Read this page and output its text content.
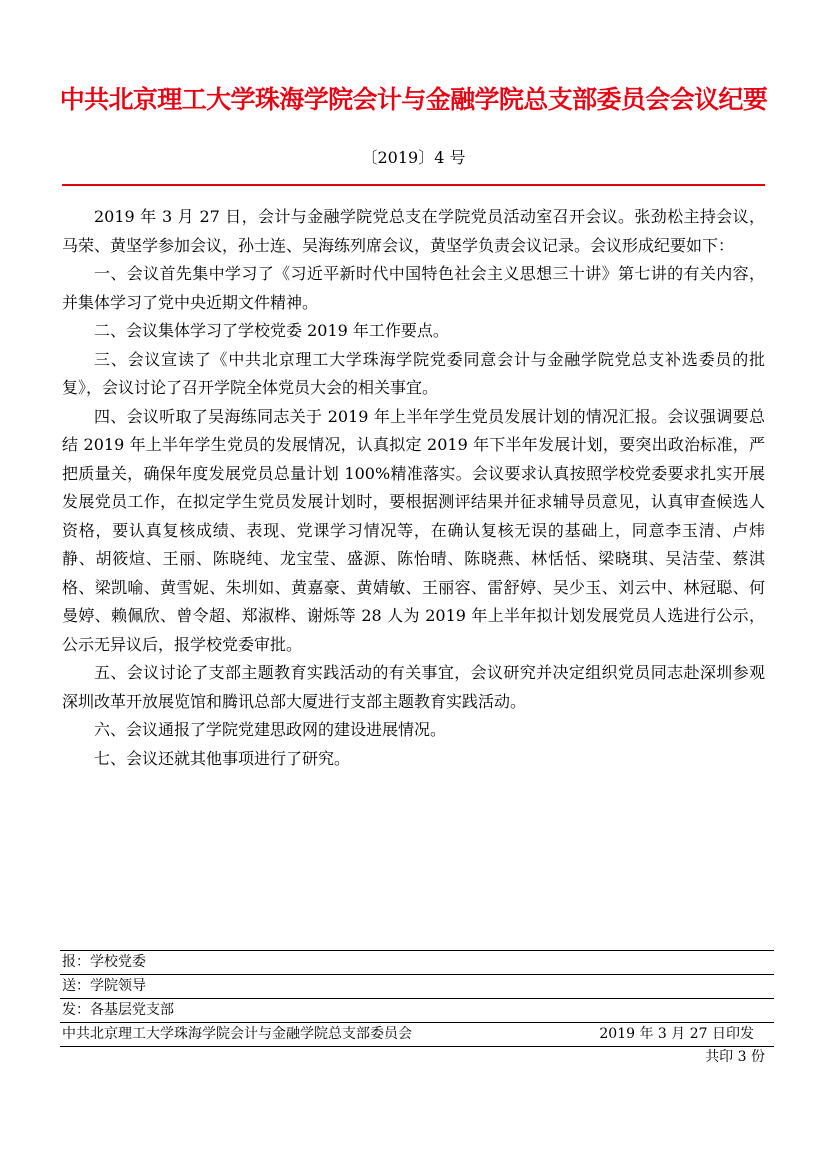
中共北京理工大学珠海学院会计与金融学院总支部委员会会议纪要
〔2019〕4 号

2019 年 3 月 27 日，会计与金融学院党总支在学院党员活动室召开会议。张劲松主持会议，马荣、黄坚学参加会议，孙士连、吴海练列席会议，黄坚学负责会议记录。会议形成纪要如下：

一、会议首先集中学习了《习近平新时代中国特色社会主义思想三十讲》第七讲的有关内容，并集体学习了党中央近期文件精神。

二、会议集体学习了学校党委 2019 年工作要点。

三、会议宣读了《中共北京理工大学珠海学院党委同意会计与金融学院党总支补选委员的批复》，会议讨论了召开学院全体党员大会的相关事宜。

四、会议听取了吴海练同志关于 2019 年上半年学生党员发展计划的情况汇报。会议强调要总结 2019 年上半年学生党员的发展情况，认真拟定 2019 年下半年发展计划，要突出政治标准，严把质量关，确保年度发展党员总量计划 100%精准落实。会议要求认真按照学校党委要求扎实开展发展党员工作，在拟定学生党员发展计划时，要根据测评结果并征求辅导员意见，认真审查候选人资格，要认真复核成绩、表现、党课学习情况等，在确认复核无误的基础上，同意李玉清、卢炜静、胡筱煊、王丽、陈晓纯、龙宝莹、盛源、陈怡晴、陈晓燕、林恬恬、梁晓琪、吴洁莹、蔡淇格、梁凯喻、黄雪妮、朱圳如、黄嘉豪、黄婧敏、王丽容、雷舒婷、吴少玉、刘云中、林冠聪、何曼婷、赖佩欣、曾令超、郑淑桦、谢烁等 28 人为 2019 年上半年拟计划发展党员人选进行公示，公示无异议后，报学校党委审批。

五、会议讨论了支部主题教育实践活动的有关事宜，会议研究并决定组织党员同志赴深圳参观深圳改革开放展览馆和腾讯总部大厦进行支部主题教育实践活动。

六、会议通报了学院党建思政网的建设进展情况。

七、会议还就其他事项进行了研究。

报：学校党委
送：学院领导
发：各基层党支部
中共北京理工大学珠海学院会计与金融学院总支部委员会	2019 年 3 月 27 日印发
共印 3 份
